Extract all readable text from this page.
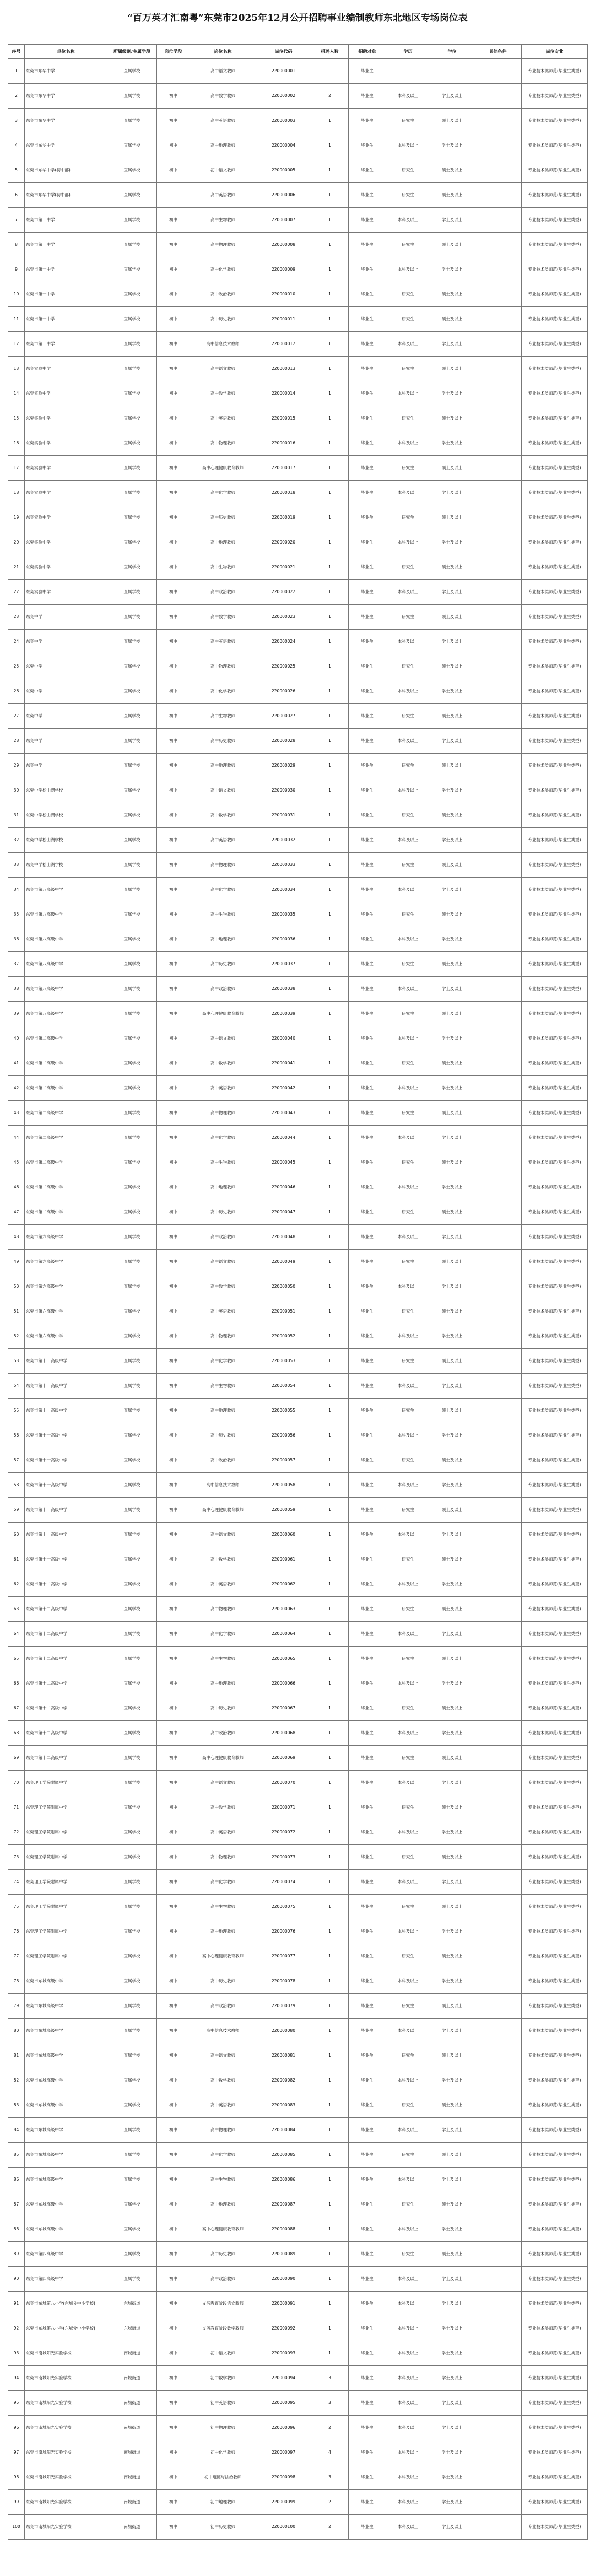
“百万英才汇南粤”东莞市2025年12月公开招聘事业编制教师东北地区专场岗位表
序号	单位名称	所属级别/主属学段	岗位学段	岗位名称	岗位代码	招聘人数	招聘对象	学历	学位	其他条件	岗位专业
1	东莞市东华中学	直属学校		高中语文教师	220000001		毕业生				专业技术类师范(毕业生类型)
2	东莞市东华中学	直属学校	初中	高中数学教师	220000002	2	毕业生	本科及以上	学士及以上		专业技术类师范(毕业生类型)
3	东莞市东华中学	直属学校	初中	高中英语教师	220000003	1	毕业生	研究生	硕士及以上		专业技术类师范(毕业生类型)
4	东莞市东华中学	直属学校	初中	高中地理教师	220000004	1	毕业生	本科及以上	学士及以上		专业技术类师范(毕业生类型)
5	东莞市东华中学(初中部)	直属学校	初中	初中语文教师	220000005	1	毕业生	研究生	硕士及以上		专业技术类师范(毕业生类型)
6	东莞市东华中学(初中部)	直属学校		高中英语教师	220000006	1	毕业生	研究生	硕士及以上		专业技术类师范(毕业生类型)
7	东莞市第一中学	直属学校	初中	高中生物教师	220000007	1	毕业生	本科及以上	学士及以上		专业技术类师范(毕业生类型)
8	东莞市第一中学	直属学校	初中	高中物理教师	220000008	1	毕业生	研究生	硕士及以上		专业技术类师范(毕业生类型)
9	东莞市第一中学	直属学校	初中	高中化学教师	220000009	1	毕业生	本科及以上	学士及以上		专业技术类师范(毕业生类型)
10	东莞市第一中学	直属学校	初中	高中政治教师	220000010	1	毕业生	研究生	硕士及以上		专业技术类师范(毕业生类型)
11	东莞市第一中学	直属学校	初中	高中历史教师	220000011	1	毕业生	研究生	硕士及以上		专业技术类师范(毕业生类型)
12	东莞市第一中学	直属学校	初中	高中信息技术教师	220000012	1	毕业生	本科及以上	学士及以上		专业技术类师范(毕业生类型)
13	东莞实验中学	直属学校	初中	高中语文教师	220000013	1	毕业生	研究生	硕士及以上		专业技术类师范(毕业生类型)
14	东莞实验中学	直属学校	初中	高中数学教师	220000014	1	毕业生	本科及以上	学士及以上		专业技术类师范(毕业生类型)
15	东莞实验中学	直属学校	初中	高中英语教师	220000015	1	毕业生	研究生	硕士及以上		专业技术类师范(毕业生类型)
16	东莞实验中学	直属学校	初中	高中物理教师	220000016	1	毕业生	本科及以上	学士及以上		专业技术类师范(毕业生类型)
17	东莞实验中学	直属学校	初中	高中心理健康教育教师	220000017	1	毕业生	研究生	硕士及以上		专业技术类师范(毕业生类型)
18	东莞实验中学	直属学校	初中	高中化学教师	220000018	1	毕业生	本科及以上	学士及以上		专业技术类师范(毕业生类型)
19	东莞实验中学	直属学校	初中	高中历史教师	220000019	1	毕业生	研究生	硕士及以上		专业技术类师范(毕业生类型)
20	东莞实验中学	直属学校	初中	高中地理教师	220000020	1	毕业生	本科及以上	学士及以上		专业技术类师范(毕业生类型)
21	东莞实验中学	直属学校	初中	高中生物教师	220000021	1	毕业生	研究生	硕士及以上		专业技术类师范(毕业生类型)
22	东莞实验中学	直属学校	初中	高中政治教师	220000022	1	毕业生	本科及以上	学士及以上		专业技术类师范(毕业生类型)
23	东莞中学	直属学校	初中	高中数学教师	220000023	1	毕业生	研究生	硕士及以上		专业技术类师范(毕业生类型)
24	东莞中学	直属学校	初中	高中英语教师	220000024	1	毕业生	本科及以上	学士及以上		专业技术类师范(毕业生类型)
25	东莞中学	直属学校	初中	高中物理教师	220000025	1	毕业生	研究生	硕士及以上		专业技术类师范(毕业生类型)
26	东莞中学	直属学校	初中	高中化学教师	220000026	1	毕业生	本科及以上	学士及以上		专业技术类师范(毕业生类型)
27	东莞中学	直属学校	初中	高中生物教师	220000027	1	毕业生	研究生	硕士及以上		专业技术类师范(毕业生类型)
28	东莞中学	直属学校	初中	高中历史教师	220000028	1	毕业生	本科及以上	学士及以上		专业技术类师范(毕业生类型)
29	东莞中学	直属学校	初中	高中地理教师	220000029	1	毕业生	研究生	硕士及以上		专业技术类师范(毕业生类型)
30	东莞中学松山湖学校	直属学校	初中	高中语文教师	220000030	1	毕业生	本科及以上	学士及以上		专业技术类师范(毕业生类型)
31	东莞中学松山湖学校	直属学校	初中	高中数学教师	220000031	1	毕业生	研究生	硕士及以上		专业技术类师范(毕业生类型)
32	东莞中学松山湖学校	直属学校	初中	高中英语教师	220000032	1	毕业生	本科及以上	学士及以上		专业技术类师范(毕业生类型)
33	东莞中学松山湖学校	直属学校	初中	高中物理教师	220000033	1	毕业生	研究生	硕士及以上		专业技术类师范(毕业生类型)
34	东莞市第八高级中学	直属学校	初中	高中化学教师	220000034	1	毕业生	本科及以上	学士及以上		专业技术类师范(毕业生类型)
35	东莞市第八高级中学	直属学校	初中	高中生物教师	220000035	1	毕业生	研究生	硕士及以上		专业技术类师范(毕业生类型)
36	东莞市第八高级中学	直属学校	初中	高中地理教师	220000036	1	毕业生	本科及以上	学士及以上		专业技术类师范(毕业生类型)
37	东莞市第八高级中学	直属学校	初中	高中历史教师	220000037	1	毕业生	研究生	硕士及以上		专业技术类师范(毕业生类型)
38	东莞市第八高级中学	直属学校	初中	高中政治教师	220000038	1	毕业生	本科及以上	学士及以上		专业技术类师范(毕业生类型)
39	东莞市第八高级中学	直属学校	初中	高中心理健康教育教师	220000039	1	毕业生	研究生	硕士及以上		专业技术类师范(毕业生类型)
40	东莞市第二高级中学	直属学校	初中	高中语文教师	220000040	1	毕业生	本科及以上	学士及以上		专业技术类师范(毕业生类型)
41	东莞市第二高级中学	直属学校	初中	高中数学教师	220000041	1	毕业生	研究生	硕士及以上		专业技术类师范(毕业生类型)
42	东莞市第二高级中学	直属学校	初中	高中英语教师	220000042	1	毕业生	本科及以上	学士及以上		专业技术类师范(毕业生类型)
43	东莞市第二高级中学	直属学校	初中	高中物理教师	220000043	1	毕业生	研究生	硕士及以上		专业技术类师范(毕业生类型)
44	东莞市第二高级中学	直属学校	初中	高中化学教师	220000044	1	毕业生	本科及以上	学士及以上		专业技术类师范(毕业生类型)
45	东莞市第二高级中学	直属学校	初中	高中生物教师	220000045	1	毕业生	研究生	硕士及以上		专业技术类师范(毕业生类型)
46	东莞市第二高级中学	直属学校	初中	高中地理教师	220000046	1	毕业生	本科及以上	学士及以上		专业技术类师范(毕业生类型)
47	东莞市第二高级中学	直属学校	初中	高中历史教师	220000047	1	毕业生	研究生	硕士及以上		专业技术类师范(毕业生类型)
48	东莞市第六高级中学	直属学校	初中	高中政治教师	220000048	1	毕业生	本科及以上	学士及以上		专业技术类师范(毕业生类型)
49	东莞市第六高级中学	直属学校	初中	高中语文教师	220000049	1	毕业生	研究生	硕士及以上		专业技术类师范(毕业生类型)
50	东莞市第六高级中学	直属学校	初中	高中数学教师	220000050	1	毕业生	本科及以上	学士及以上		专业技术类师范(毕业生类型)
51	东莞市第六高级中学	直属学校	初中	高中英语教师	220000051	1	毕业生	研究生	硕士及以上		专业技术类师范(毕业生类型)
52	东莞市第六高级中学	直属学校	初中	高中物理教师	220000052	1	毕业生	本科及以上	学士及以上		专业技术类师范(毕业生类型)
53	东莞市第十一高级中学	直属学校	初中	高中化学教师	220000053	1	毕业生	研究生	硕士及以上		专业技术类师范(毕业生类型)
54	东莞市第十一高级中学	直属学校	初中	高中生物教师	220000054	1	毕业生	本科及以上	学士及以上		专业技术类师范(毕业生类型)
55	东莞市第十一高级中学	直属学校	初中	高中地理教师	220000055	1	毕业生	研究生	硕士及以上		专业技术类师范(毕业生类型)
56	东莞市第十一高级中学	直属学校	初中	高中历史教师	220000056	1	毕业生	本科及以上	学士及以上		专业技术类师范(毕业生类型)
57	东莞市第十一高级中学	直属学校	初中	高中政治教师	220000057	1	毕业生	研究生	硕士及以上		专业技术类师范(毕业生类型)
58	东莞市第十一高级中学	直属学校	初中	高中信息技术教师	220000058	1	毕业生	本科及以上	学士及以上		专业技术类师范(毕业生类型)
59	东莞市第十一高级中学	直属学校	初中	高中心理健康教育教师	220000059	1	毕业生	研究生	硕士及以上		专业技术类师范(毕业生类型)
60	东莞市第十一高级中学	直属学校	初中	高中语文教师	220000060	1	毕业生	本科及以上	学士及以上		专业技术类师范(毕业生类型)
61	东莞市第十一高级中学	直属学校	初中	高中数学教师	220000061	1	毕业生	研究生	硕士及以上		专业技术类师范(毕业生类型)
62	东莞市第十二高级中学	直属学校	初中	高中英语教师	220000062	1	毕业生	本科及以上	学士及以上		专业技术类师范(毕业生类型)
63	东莞市第十二高级中学	直属学校	初中	高中物理教师	220000063	1	毕业生	研究生	硕士及以上		专业技术类师范(毕业生类型)
64	东莞市第十二高级中学	直属学校	初中	高中化学教师	220000064	1	毕业生	本科及以上	学士及以上		专业技术类师范(毕业生类型)
65	东莞市第十二高级中学	直属学校	初中	高中生物教师	220000065	1	毕业生	研究生	硕士及以上		专业技术类师范(毕业生类型)
66	东莞市第十二高级中学	直属学校	初中	高中地理教师	220000066	1	毕业生	本科及以上	学士及以上		专业技术类师范(毕业生类型)
67	东莞市第十二高级中学	直属学校	初中	高中历史教师	220000067	1	毕业生	研究生	硕士及以上		专业技术类师范(毕业生类型)
68	东莞市第十二高级中学	直属学校	初中	高中政治教师	220000068	1	毕业生	本科及以上	学士及以上		专业技术类师范(毕业生类型)
69	东莞市第十二高级中学	直属学校	初中	高中心理健康教育教师	220000069	1	毕业生	研究生	硕士及以上		专业技术类师范(毕业生类型)
70	东莞理工学院附属中学	直属学校	初中	高中语文教师	220000070	1	毕业生	本科及以上	学士及以上		专业技术类师范(毕业生类型)
71	东莞理工学院附属中学	直属学校	初中	高中数学教师	220000071	1	毕业生	研究生	硕士及以上		专业技术类师范(毕业生类型)
72	东莞理工学院附属中学	直属学校	初中	高中英语教师	220000072	1	毕业生	本科及以上	学士及以上		专业技术类师范(毕业生类型)
73	东莞理工学院附属中学	直属学校	初中	高中物理教师	220000073	1	毕业生	研究生	硕士及以上		专业技术类师范(毕业生类型)
74	东莞理工学院附属中学	直属学校	初中	高中化学教师	220000074	1	毕业生	本科及以上	学士及以上		专业技术类师范(毕业生类型)
75	东莞理工学院附属中学	直属学校	初中	高中生物教师	220000075	1	毕业生	研究生	硕士及以上		专业技术类师范(毕业生类型)
76	东莞理工学院附属中学	直属学校	初中	高中地理教师	220000076	1	毕业生	本科及以上	学士及以上		专业技术类师范(毕业生类型)
77	东莞理工学院附属中学	直属学校	初中	高中心理健康教育教师	220000077	1	毕业生	研究生	硕士及以上		专业技术类师范(毕业生类型)
78	东莞市东城高级中学	直属学校	初中	高中历史教师	220000078	1	毕业生	本科及以上	学士及以上		专业技术类师范(毕业生类型)
79	东莞市东城高级中学	直属学校	初中	高中政治教师	220000079	1	毕业生	研究生	硕士及以上		专业技术类师范(毕业生类型)
80	东莞市东城高级中学	直属学校	初中	高中信息技术教师	220000080	1	毕业生	本科及以上	学士及以上		专业技术类师范(毕业生类型)
81	东莞市东城高级中学	直属学校	初中	高中语文教师	220000081	1	毕业生	研究生	硕士及以上		专业技术类师范(毕业生类型)
82	东莞市东城高级中学	直属学校	初中	高中数学教师	220000082	1	毕业生	本科及以上	学士及以上		专业技术类师范(毕业生类型)
83	东莞市东城高级中学	直属学校	初中	高中英语教师	220000083	1	毕业生	研究生	硕士及以上		专业技术类师范(毕业生类型)
84	东莞市东城高级中学	直属学校	初中	高中物理教师	220000084	1	毕业生	本科及以上	学士及以上		专业技术类师范(毕业生类型)
85	东莞市东城高级中学	直属学校	初中	高中化学教师	220000085	1	毕业生	研究生	硕士及以上		专业技术类师范(毕业生类型)
86	东莞市东城高级中学	直属学校	初中	高中生物教师	220000086	1	毕业生	本科及以上	学士及以上		专业技术类师范(毕业生类型)
87	东莞市东城高级中学	直属学校	初中	高中地理教师	220000087	1	毕业生	研究生	硕士及以上		专业技术类师范(毕业生类型)
88	东莞市东城高级中学	直属学校	初中	高中心理健康教育教师	220000088	1	毕业生	本科及以上	学士及以上		专业技术类师范(毕业生类型)
89	东莞市第四高级中学	直属学校	初中	高中历史教师	220000089	1	毕业生	研究生	硕士及以上		专业技术类师范(毕业生类型)
90	东莞市第四高级中学	直属学校	初中	高中政治教师	220000090	1	毕业生	本科及以上	学士及以上		专业技术类师范(毕业生类型)
91	东莞市东城第八小学(东城分中小学校)	东城街道	初中	义务教育阶段语文教师	220000091	1	毕业生	本科及以上	学士及以上		专业技术类师范(毕业生类型)
92	东莞市东城第八小学(东城分中小学校)	东城街道	初中	义务教育阶段数学教师	220000092	1	毕业生	本科及以上	学士及以上		专业技术类师范(毕业生类型)
93	东莞市南城阳光实验学校	南城街道	初中	初中语文教师	220000093	1	毕业生	本科及以上	学士及以上		专业技术类师范(毕业生类型)
94	东莞市南城阳光实验学校	南城街道	初中	初中数学教师	220000094	3	毕业生	本科及以上	学士及以上		专业技术类师范(毕业生类型)
95	东莞市南城阳光实验学校	南城街道	初中	初中英语教师	220000095	3	毕业生	本科及以上	学士及以上		专业技术类师范(毕业生类型)
96	东莞市南城阳光实验学校	南城街道	初中	初中物理教师	220000096	2	毕业生	本科及以上	学士及以上		专业技术类师范(毕业生类型)
97	东莞市南城阳光实验学校	南城街道	初中	初中化学教师	220000097	4	毕业生	本科及以上	学士及以上		专业技术类师范(毕业生类型)
98	东莞市南城阳光实验学校	南城街道	初中	初中道德与法治教师	220000098	3	毕业生	本科及以上	学士及以上		专业技术类师范(毕业生类型)
99	东莞市南城阳光实验学校	南城街道	初中	初中地理教师	220000099	2	毕业生	本科及以上	学士及以上		专业技术类师范(毕业生类型)
100	东莞市南城阳光实验学校	南城街道	初中	初中历史教师	220000100	2	毕业生	本科及以上	学士及以上		专业技术类师范(毕业生类型)
